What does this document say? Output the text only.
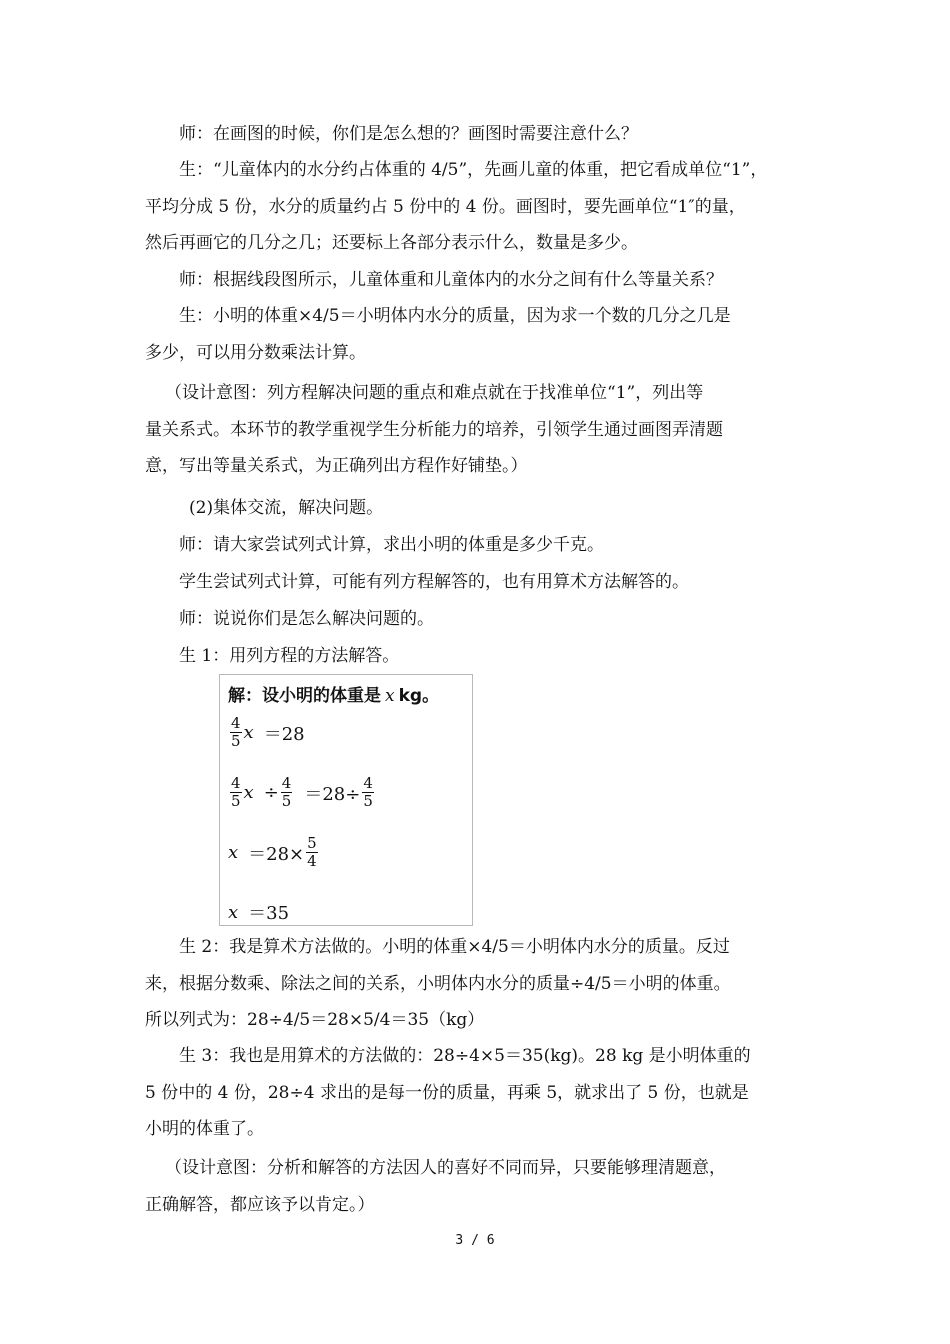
师：在画图的时候，你们是怎么想的？画图时需要注意什么？

生：“儿童体内的水分约占体重的 4/5”，先画儿童的体重，把它看成单位“1”，
平均分成 5 份，水分的质量约占 5 份中的 4 份。画图时，要先画单位“1″的量，
然后再画它的几分之几；还要标上各部分表示什么，数量是多少。

师：根据线段图所示，儿童体重和儿童体内的水分之间有什么等量关系？

生：小明的体重×4/5＝小明体内水分的质量，因为求一个数的几分之几是
多少，可以用分数乘法计算。

（设计意图：列方程解决问题的重点和难点就在于找准单位“1”，列出等
量关系式。本环节的教学重视学生分析能力的培养，引领学生通过画图弄清题
意，写出等量关系式，为正确列出方程作好铺垫。）

(2)集体交流，解决问题。

师：请大家尝试列式计算，求出小明的体重是多少千克。

学生尝试列式计算，可能有列方程解答的，也有用算术方法解答的。

师：说说你们是怎么解决问题的。

生 1：用列方程的方法解答。

解：设小明的体重是 x kg。
$\frac{4}{5}$ x ＝28
$\frac{4}{5}$ $x \div \frac{4}{5} =28\div \frac{4}{5}$
$x =28\times \frac{5}{4}$
x ＝35

生 2：我是算术方法做的。小明的体重×4/5＝小明体内水分的质量。反过
来，根据分数乘、除法之间的关系，小明体内水分的质量÷4/5＝小明的体重。
所以列式为：28÷4/5＝28×5/4＝35（kg）

生 3：我也是用算术的方法做的：28÷4×5＝35(kg)。28 kg 是小明体重的
5 份中的 4 份，28÷4 求出的是每一份的质量，再乘 5，就求出了 5 份，也就是
小明的体重了。

（设计意图：分析和解答的方法因人的喜好不同而异，只要能够理清题意，
正确解答，都应该予以肯定。）

3 / 6
